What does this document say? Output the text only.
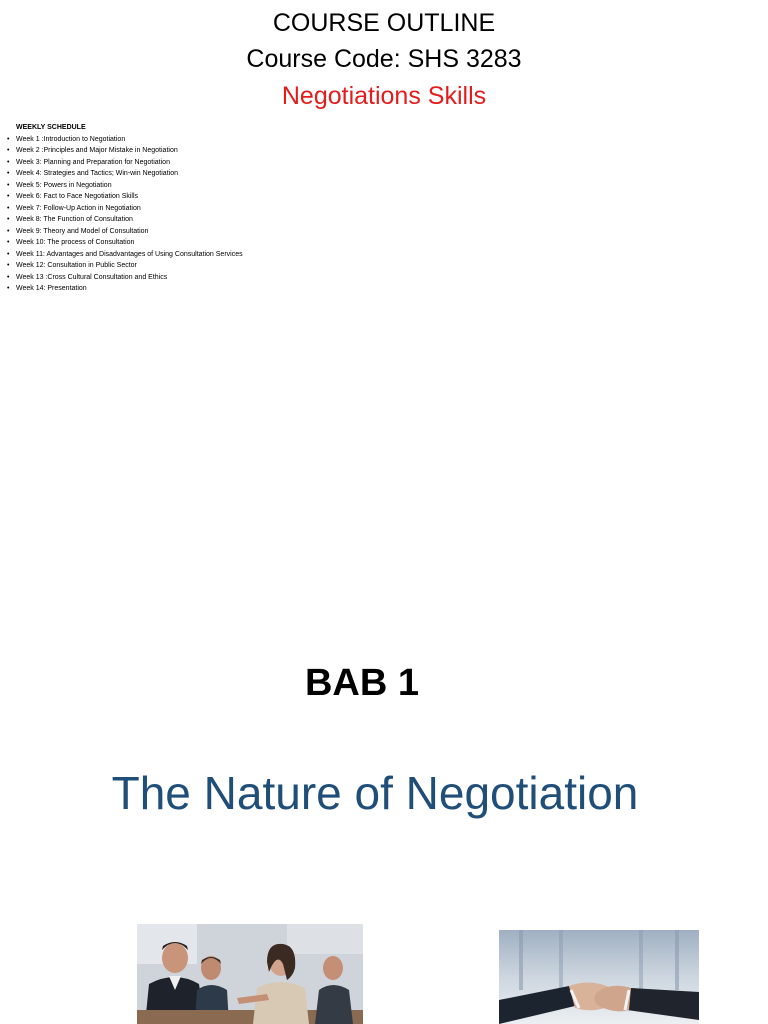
COURSE OUTLINE
Course Code: SHS 3283
Negotiations Skills
WEEKLY SCHEDULE
• Week 1 :Introduction to Negotiation
• Week 2 :Principles and Major Mistake in Negotiation
• Week 3: Planning and Preparation for Negotiation
• Week 4: Strategies and Tactics; Win-win Negotiation
• Week 5: Powers in Negotiation
• Week 6: Fact to Face Negotiation Skills
• Week 7: Follow-Up Action in Negotiation
• Week 8: The Function of Consultation
• Week 9: Theory and Model of Consultation
• Week 10: The process of Consultation
• Week 11: Advantages and Disadvantages of Using Consultation Services
• Week 12: Consultation in Public Sector
• Week 13 :Cross Cultural Consultation and Ethics
• Week 14: Presentation
BAB 1
The Nature of Negotiation
